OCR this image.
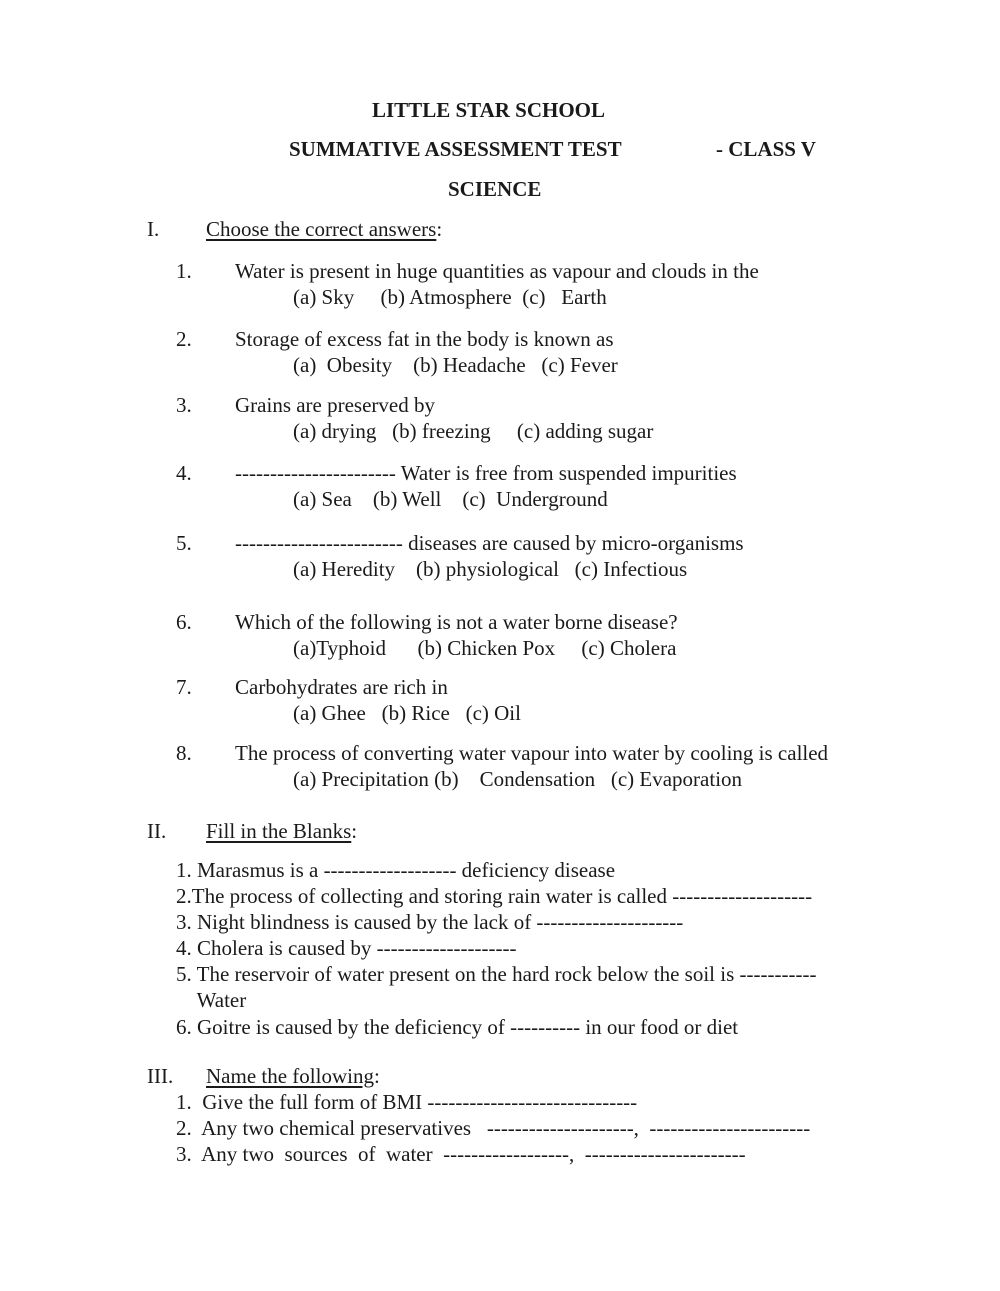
LITTLE STAR SCHOOL
SUMMATIVE ASSESSMENT TEST	- CLASS V
SCIENCE
I. Choose the correct answers:
1. Water is present in huge quantities as vapour and clouds in the
(a) Sky     (b) Atmosphere  (c)   Earth
2. Storage of excess fat in the body is known as
(a)  Obesity    (b) Headache   (c) Fever
3. Grains are preserved by
(a) drying   (b) freezing     (c) adding sugar
4. ----------------------- Water is free from suspended impurities
(a) Sea    (b) Well    (c)  Underground
5. ------------------------ diseases are caused by micro-organisms
(a) Heredity    (b) physiological   (c) Infectious
6. Which of the following is not a water borne disease?
(a)Typhoid      (b) Chicken Pox     (c) Cholera
7. Carbohydrates are rich in
(a) Ghee   (b) Rice   (c) Oil
8. The process of converting water vapour into water by cooling is called
(a) Precipitation (b)    Condensation   (c) Evaporation
II. Fill in the Blanks:
1. Marasmus is a ------------------- deficiency disease
2.The process of collecting and storing rain water is called --------------------
3. Night blindness is caused by the lack of ---------------------
4. Cholera is caused by --------------------
5. The reservoir of water present on the hard rock below the soil is -----------
Water
6. Goitre is caused by the deficiency of ---------- in our food or diet
III. Name the following:
1.  Give the full form of BMI ------------------------------
2.  Any two chemical preservatives   ---------------------,  -----------------------
3.  Any two  sources  of  water  ------------------,  -----------------------
